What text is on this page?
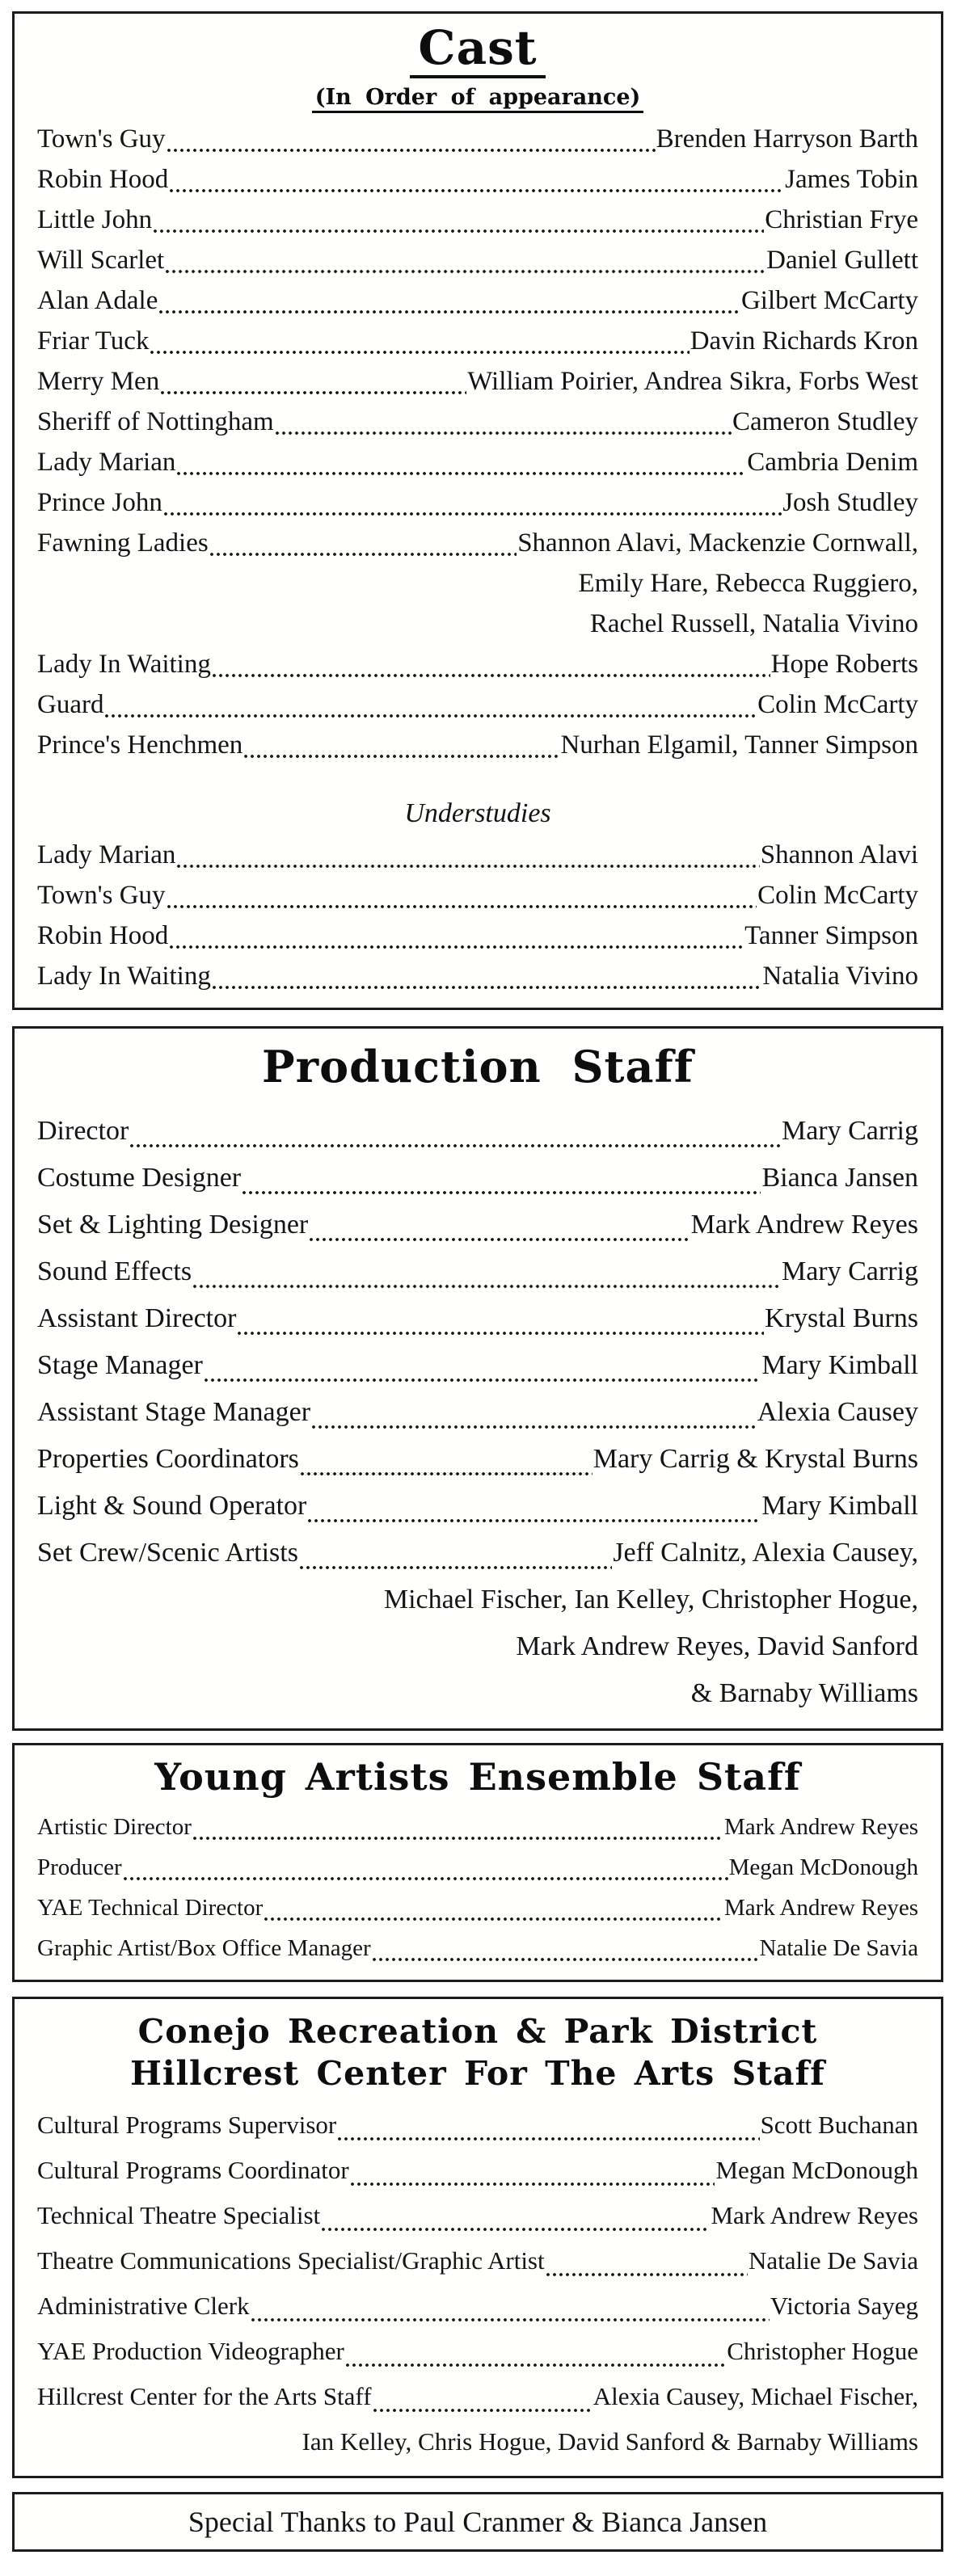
Cast
(In Order of appearance)
Town's Guy	Brenden Harryson Barth
Robin Hood	James Tobin
Little John	Christian Frye
Will Scarlet	Daniel Gullett
Alan Adale	Gilbert McCarty
Friar Tuck	Davin Richards Kron
Merry Men	William Poirier, Andrea Sikra, Forbs West
Sheriff of Nottingham	Cameron Studley
Lady Marian	Cambria Denim
Prince John	Josh Studley
Fawning Ladies	Shannon Alavi, Mackenzie Cornwall,
Emily Hare, Rebecca Ruggiero,
Rachel Russell, Natalia Vivino
Lady In Waiting	Hope Roberts
Guard	Colin McCarty
Prince's Henchmen	Nurhan Elgamil, Tanner Simpson
Understudies
Lady Marian	Shannon Alavi
Town's Guy	Colin McCarty
Robin Hood	Tanner Simpson
Lady In Waiting	Natalia Vivino
Production Staff
Director	Mary Carrig
Costume Designer	Bianca Jansen
Set & Lighting Designer	Mark Andrew Reyes
Sound Effects	Mary Carrig
Assistant Director	Krystal Burns
Stage Manager	Mary Kimball
Assistant Stage Manager	Alexia Causey
Properties Coordinators	Mary Carrig & Krystal Burns
Light & Sound Operator	Mary Kimball
Set Crew/Scenic Artists	Jeff Calnitz, Alexia Causey,
Michael Fischer, Ian Kelley, Christopher Hogue,
Mark Andrew Reyes, David Sanford
& Barnaby Williams
Young Artists Ensemble Staff
Artistic Director	Mark Andrew Reyes
Producer	Megan McDonough
YAE Technical Director	Mark Andrew Reyes
Graphic Artist/Box Office Manager	Natalie De Savia
Conejo Recreation & Park District
Hillcrest Center For The Arts Staff
Cultural Programs Supervisor	Scott Buchanan
Cultural Programs Coordinator	Megan McDonough
Technical Theatre Specialist	Mark Andrew Reyes
Theatre Communications Specialist/Graphic Artist	Natalie De Savia
Administrative Clerk	Victoria Sayeg
YAE Production Videographer	Christopher Hogue
Hillcrest Center for the Arts Staff	Alexia Causey, Michael Fischer,
Ian Kelley, Chris Hogue, David Sanford & Barnaby Williams
Special Thanks to Paul Cranmer & Bianca Jansen
